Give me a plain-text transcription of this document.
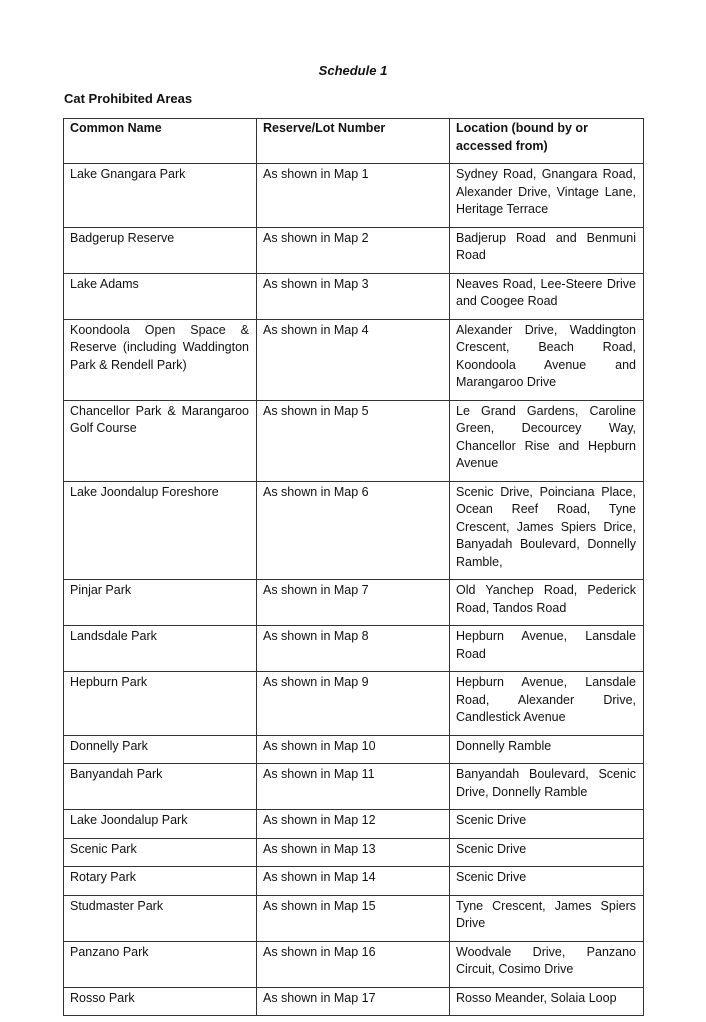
Schedule 1
Cat Prohibited Areas
Common Name	Reserve/Lot Number	Location (bound by or accessed from)
Lake Gnangara Park	As shown in Map 1	Sydney Road, Gnangara Road, Alexander Drive, Vintage Lane, Heritage Terrace
Badgerup Reserve	As shown in Map 2	Badjerup Road and Benmuni Road
Lake Adams	As shown in Map 3	Neaves Road, Lee-Steere Drive and Coogee Road
Koondoola Open Space & Reserve (including Waddington Park & Rendell Park)	As shown in Map 4	Alexander Drive, Waddington Crescent, Beach Road, Koondoola Avenue and Marangaroo Drive
Chancellor Park & Marangaroo Golf Course	As shown in Map 5	Le Grand Gardens, Caroline Green, Decourcey Way, Chancellor Rise and Hepburn Avenue
Lake Joondalup Foreshore	As shown in Map 6	Scenic Drive, Poinciana Place, Ocean Reef Road, Tyne Crescent, James Spiers Drice, Banyadah Boulevard, Donnelly Ramble,
Pinjar Park	As shown in Map 7	Old Yanchep Road, Pederick Road, Tandos Road
Landsdale Park	As shown in Map 8	Hepburn Avenue, Lansdale Road
Hepburn Park	As shown in Map 9	Hepburn Avenue, Lansdale Road, Alexander Drive, Candlestick Avenue
Donnelly Park	As shown in Map 10	Donnelly Ramble
Banyandah Park	As shown in Map 11	Banyandah Boulevard, Scenic Drive, Donnelly Ramble
Lake Joondalup Park	As shown in Map 12	Scenic Drive
Scenic Park	As shown in Map 13	Scenic Drive
Rotary Park	As shown in Map 14	Scenic Drive
Studmaster Park	As shown in Map 15	Tyne Crescent, James Spiers Drive
Panzano Park	As shown in Map 16	Woodvale Drive, Panzano Circuit, Cosimo Drive
Rosso Park	As shown in Map 17	Rosso Meander, Solaia Loop
